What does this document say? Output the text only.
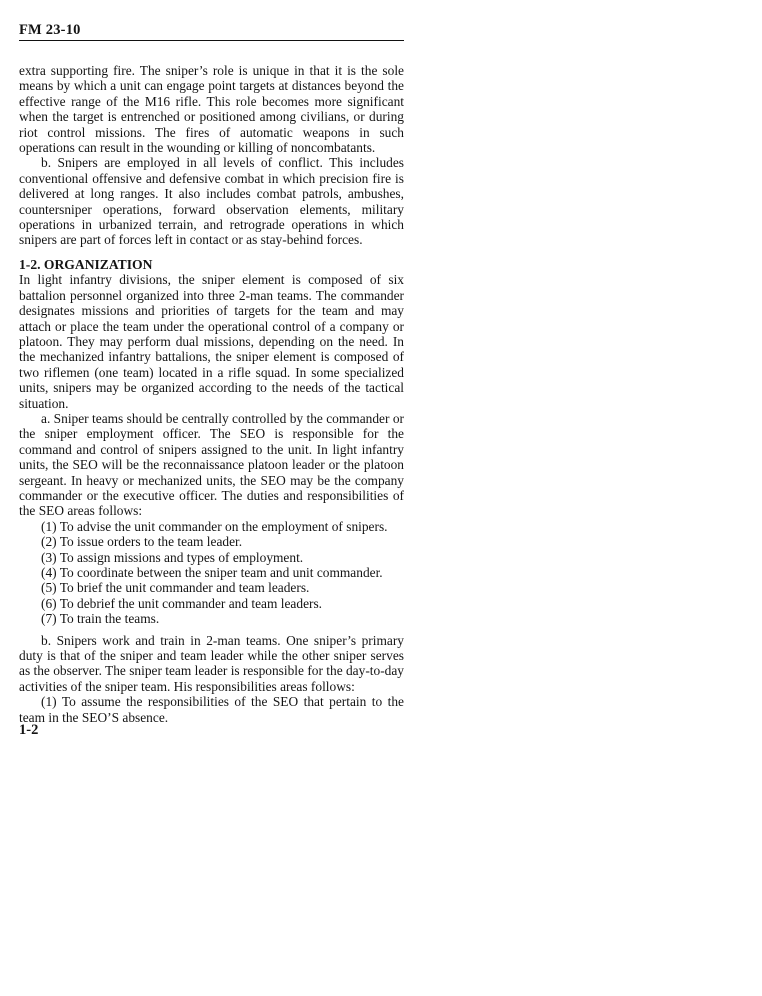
FM 23-10

extra supporting fire. The sniper’s role is unique in that it is the sole means by which a unit can engage point targets at distances beyond the effective range of the M16 rifle. This role becomes more significant when the target is entrenched or positioned among civilians, or during riot control missions. The fires of automatic weapons in such operations can result in the wounding or killing of noncombatants.

b. Snipers are employed in all levels of conflict. This includes conventional offensive and defensive combat in which precision fire is delivered at long ranges. It also includes combat patrols, ambushes, countersniper operations, forward observation elements, military operations in urbanized terrain, and retrograde operations in which snipers are part of forces left in contact or as stay-behind forces.

1-2. ORGANIZATION

In light infantry divisions, the sniper element is composed of six battalion personnel organized into three 2-man teams. The commander designates missions and priorities of targets for the team and may attach or place the team under the operational control of a company or platoon. They may perform dual missions, depending on the need. In the mechanized infantry battalions, the sniper element is composed of two riflemen (one team) located in a rifle squad. In some specialized units, snipers may be organized according to the needs of the tactical situation.

a. Sniper teams should be centrally controlled by the commander or the sniper employment officer. The SEO is responsible for the command and control of snipers assigned to the unit. In light infantry units, the SEO will be the reconnaissance platoon leader or the platoon sergeant. In heavy or mechanized units, the SEO may be the company commander or the executive officer. The duties and responsibilities of the SEO areas follows:

(1) To advise the unit commander on the employment of snipers.
(2) To issue orders to the team leader.
(3) To assign missions and types of employment.
(4) To coordinate between the sniper team and unit commander.
(5) To brief the unit commander and team leaders.
(6) To debrief the unit commander and team leaders.
(7) To train the teams.

b. Snipers work and train in 2-man teams. One sniper’s primary duty is that of the sniper and team leader while the other sniper serves as the observer. The sniper team leader is responsible for the day-to-day activities of the sniper team. His responsibilities areas follows:

(1) To assume the responsibilities of the SEO that pertain to the team in the SEO’S absence.

1-2
